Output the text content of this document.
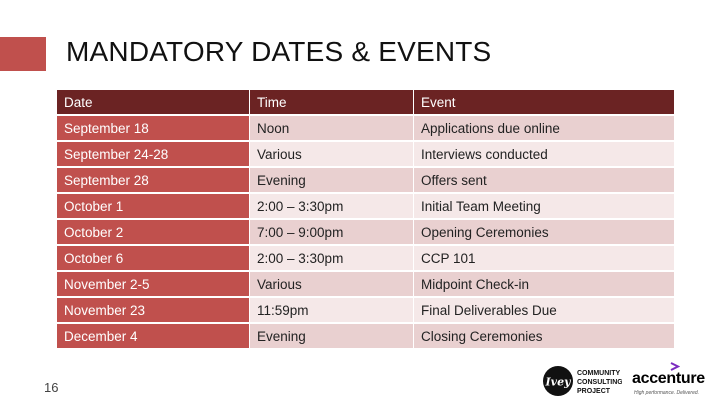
MANDATORY DATES & EVENTS
Date	Time	Event
September 18	Noon	Applications due online
September 24-28	Various	Interviews conducted
September 28	Evening	Offers sent
October 1	2:00 – 3:30pm	Initial Team Meeting
October 2	7:00 – 9:00pm	Opening Ceremonies
October 6	2:00 – 3:30pm	CCP 101
November 2-5	Various	Midpoint Check-in
November 23	11:59pm	Final Deliverables Due
December 4	Evening	Closing Ceremonies
16	Ivey
COMMUNITY
CONSULTING
PROJECT
accenture
High performance. Delivered.
